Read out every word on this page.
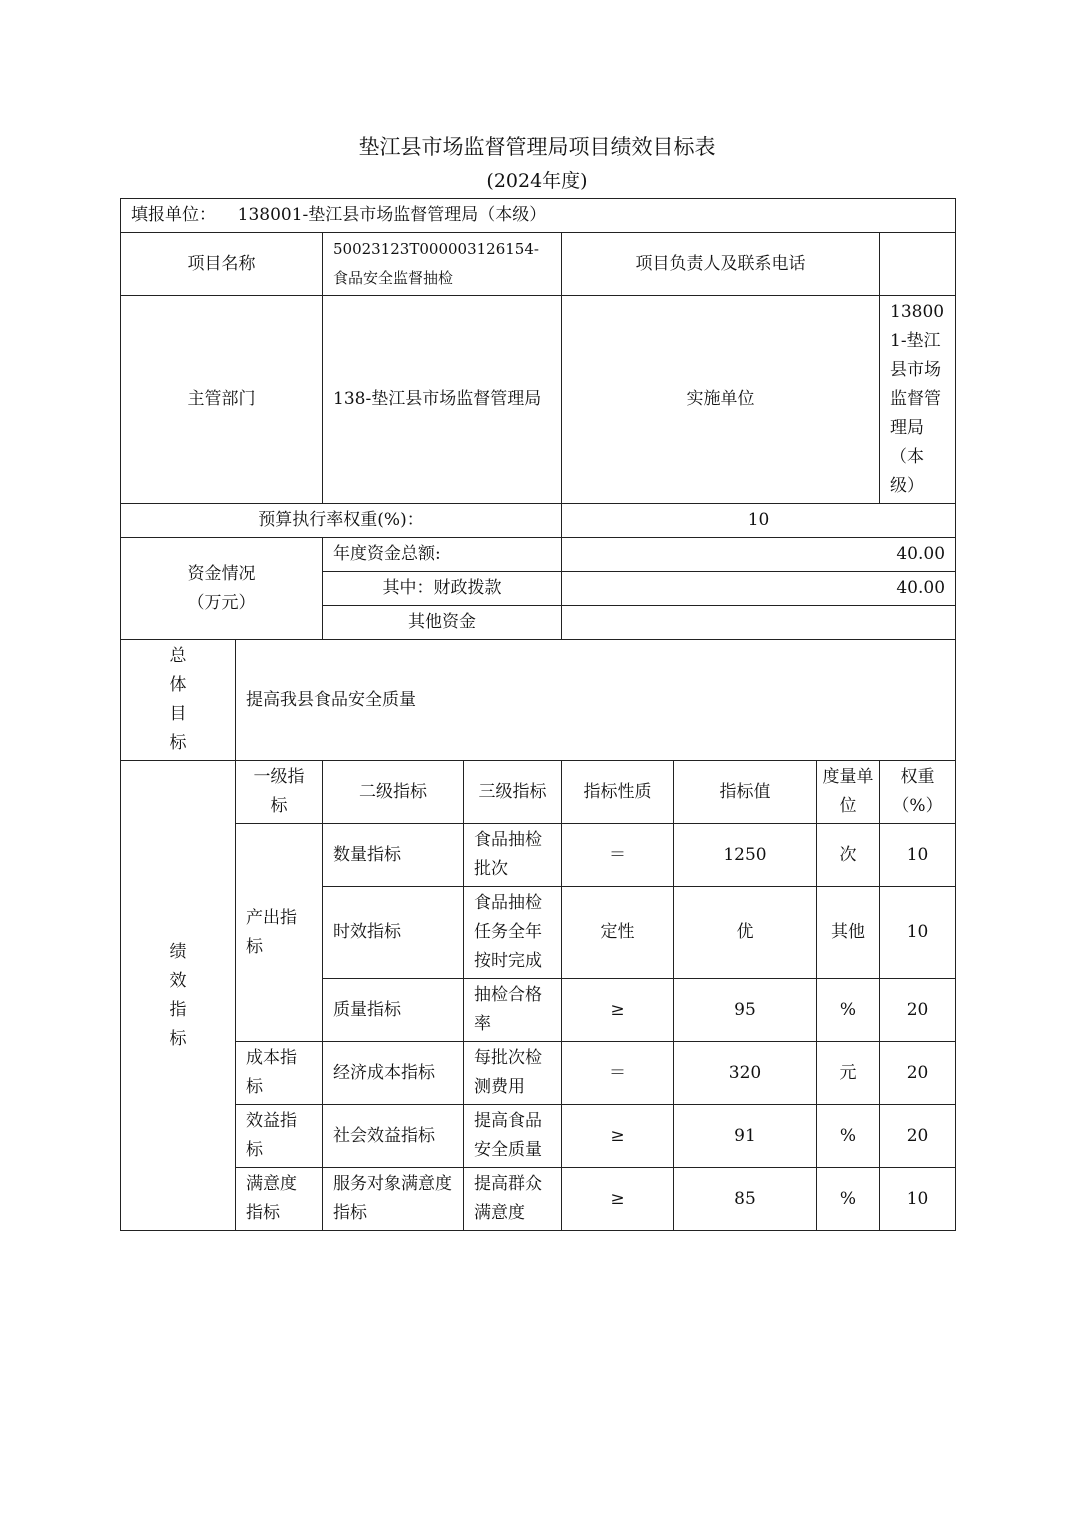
垫江县市场监督管理局项目绩效目标表
(2024年度)
填报单位： 138001-垫江县市场监督管理局（本级）							
项目名称		50023123T000003126154-食品安全监督抽检		项目负责人及联系电话			
主管部门		138-垫江县市场监督管理局		实施单位			138001-垫江县市场监督管理局（本级）
预算执行率权重(%)：				10			

资金情况
（万元）		年度资金总额:		40.00			
		其中：财政拨款		40.00			
		其他资金					

总
体
目
标	提高我县食品安全质量						

绩
效
指
标	一级指标	二级指标	三级指标	指标性质	指标值	度量单位	权重（%）
	产出指标	数量指标	食品抽检批次	＝	1250	次	10
		时效指标	食品抽检任务全年按时完成	定性	优	其他	10
		质量指标	抽检合格率	≥	95	%	20
	成本指标	经济成本指标	每批次检测费用	＝	320	元	20
	效益指标	社会效益指标	提高食品安全质量	≥	91	%	20
	满意度指标	服务对象满意度指标	提高群众满意度	≥	85	%	10
